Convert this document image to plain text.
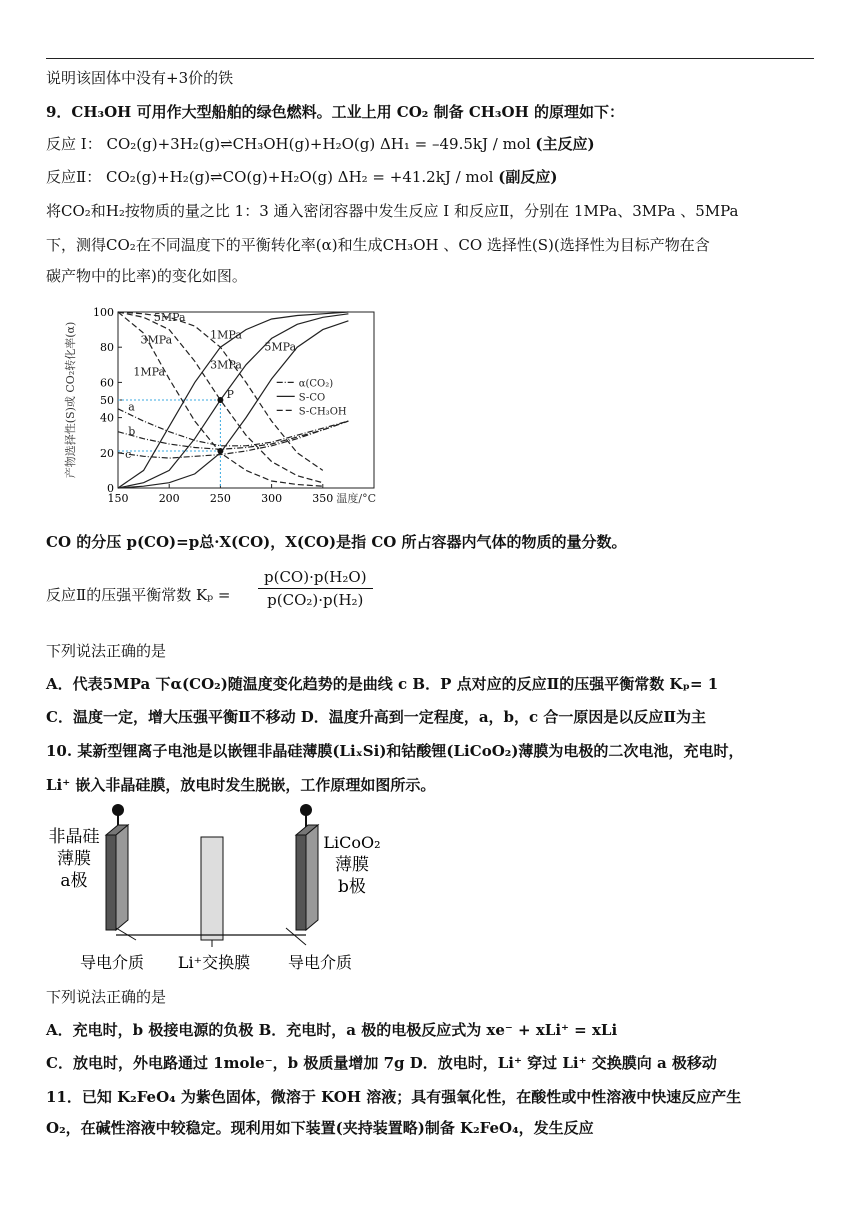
说明该固体中没有+3价的铁
9．CH₃OH 可用作大型船舶的绿色燃料。工业上用 CO₂ 制备 CH₃OH 的原理如下：
反应 I： CO₂(g)+3H₂(g)⇌CH₃OH(g)+H₂O(g) ΔH₁ = –49.5kJ / mol (主反应)
反应Ⅱ： CO₂(g)+H₂(g)⇌CO(g)+H₂O(g) ΔH₂ = +41.2kJ / mol (副反应)
将CO₂和H₂按物质的量之比 1：3 通入密闭容器中发生反应 I 和反应Ⅱ，分别在 1MPa、3MPa 、5MPa
下，测得CO₂在不同温度下的平衡转化率(α)和生成CH₃OH 、CO 选择性(S)(选择性为目标产物在含
碳产物中的比率)的变化如图。
150	200	250	300	350
0
20
40
50
60
80
100
温度/°C
产物选择性(S)或 CO₂转化率(α)	a
b
c
P
5MPa
3MPa
1MPa
1MPa
3MPa
5MPa
α(CO₂)
S-CO
S-CH₃OH
CO 的分压 p(CO)=p总·X(CO)，X(CO)是指 CO 所占容器内气体的物质的量分数。
反应Ⅱ的压强平衡常数 $K_p = \frac{\text{p(CO)·p(H₂O)}}{\text{p(CO₂)·p(H₂)}}$
下列说法正确的是
A．代表5MPa 下α(CO₂)随温度变化趋势的是曲线 c B．P 点对应的反应Ⅱ的压强平衡常数 Kₚ= 1
C．温度一定，增大压强平衡Ⅱ不移动 D．温度升高到一定程度，a，b，c 合一原因是以反应Ⅱ为主
10. 某新型锂离子电池是以嵌锂非晶硅薄膜(LiₓSi)和钴酸锂(LiCoO₂)薄膜为电极的二次电池，充电时，
Li⁺ 嵌入非晶硅膜，放电时发生脱嵌，工作原理如图所示。
非晶硅
薄膜
a极
LiCoO₂
薄膜
b极
导电介质 Li⁺交换膜 导电介质
下列说法正确的是
A．充电时，b 极接电源的负极 B．充电时，a 极的电极反应式为 xe⁻ + xLi⁺ = xLi
C．放电时，外电路通过 1mole⁻，b 极质量增加 7g D．放电时，Li⁺ 穿过 Li⁺ 交换膜向 a 极移动
11．已知 K₂FeO₄ 为紫色固体，微溶于 KOH 溶液；具有强氧化性，在酸性或中性溶液中快速反应产生
O₂，在碱性溶液中较稳定。现利用如下装置(夹持装置略)制备 K₂FeO₄，发生反应
